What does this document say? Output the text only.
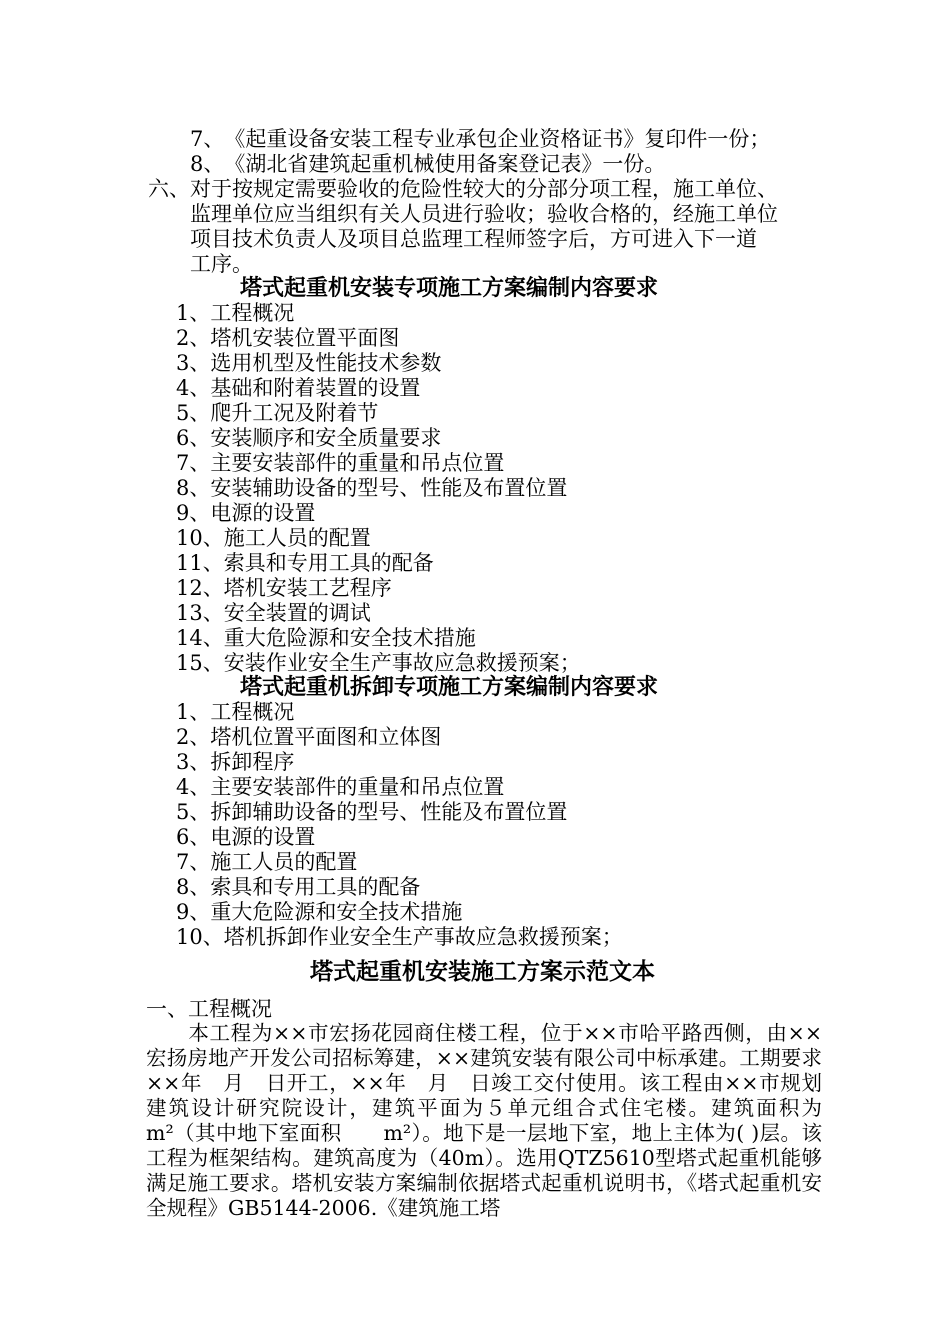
7、　《起重设备安装工程专业承包企业资格证书》复印件一份；
8、　《湖北省建筑起重机械使用备案登记表》一份。
六、对于按规定需要验收的危险性较大的分部分项工程，施工单位、
监理单位应当组织有关人员进行验收；验收合格的，经施工单位
项目技术负责人及项目总监理工程师签字后，方可进入下一道
工序。
塔式起重机安装专项施工方案编制内容要求
1、工程概况
2、塔机安装位置平面图
3、选用机型及性能技术参数
4、基础和附着装置的设置
5、爬升工况及附着节
6、安装顺序和安全质量要求
7、主要安装部件的重量和吊点位置
8、安装辅助设备的型号、性能及布置位置
9、电源的设置
10、施工人员的配置
11、索具和专用工具的配备
12、塔机安装工艺程序
13、安全装置的调试
14、重大危险源和安全技术措施
15、安装作业安全生产事故应急救援预案；
塔式起重机拆卸专项施工方案编制内容要求
1、工程概况
2、塔机位置平面图和立体图
3、拆卸程序
4、主要安装部件的重量和吊点位置
5、拆卸辅助设备的型号、性能及布置位置
6、电源的设置
7、施工人员的配置
8、索具和专用工具的配备
9、重大危险源和安全技术措施
10、塔机拆卸作业安全生产事故应急救援预案；
塔式起重机安装施工方案示范文本
一、工程概况

　　本工程为××市宏扬花园商住楼工程，位于××市哈平路西侧，由××宏扬房地产开发公司招标筹建，××建筑安装有限公司中标承建。工期要求××年　月　日开工，××年　月　日竣工交付使用。该工程由××市规划建筑设计研究院设计，建筑平面为５单元组合式住宅楼。建筑面积为　　m²（其中地下室面积　　m²）。地下是一层地下室，地上主体为( )层。该工程为框架结构。建筑高度为（40m）。选用QTZ5610型塔式起重机能够满足施工要求。塔机安装方案编制依据塔式起重机说明书，《塔式起重机安全规程》GB5144-2006.《建筑施工塔
